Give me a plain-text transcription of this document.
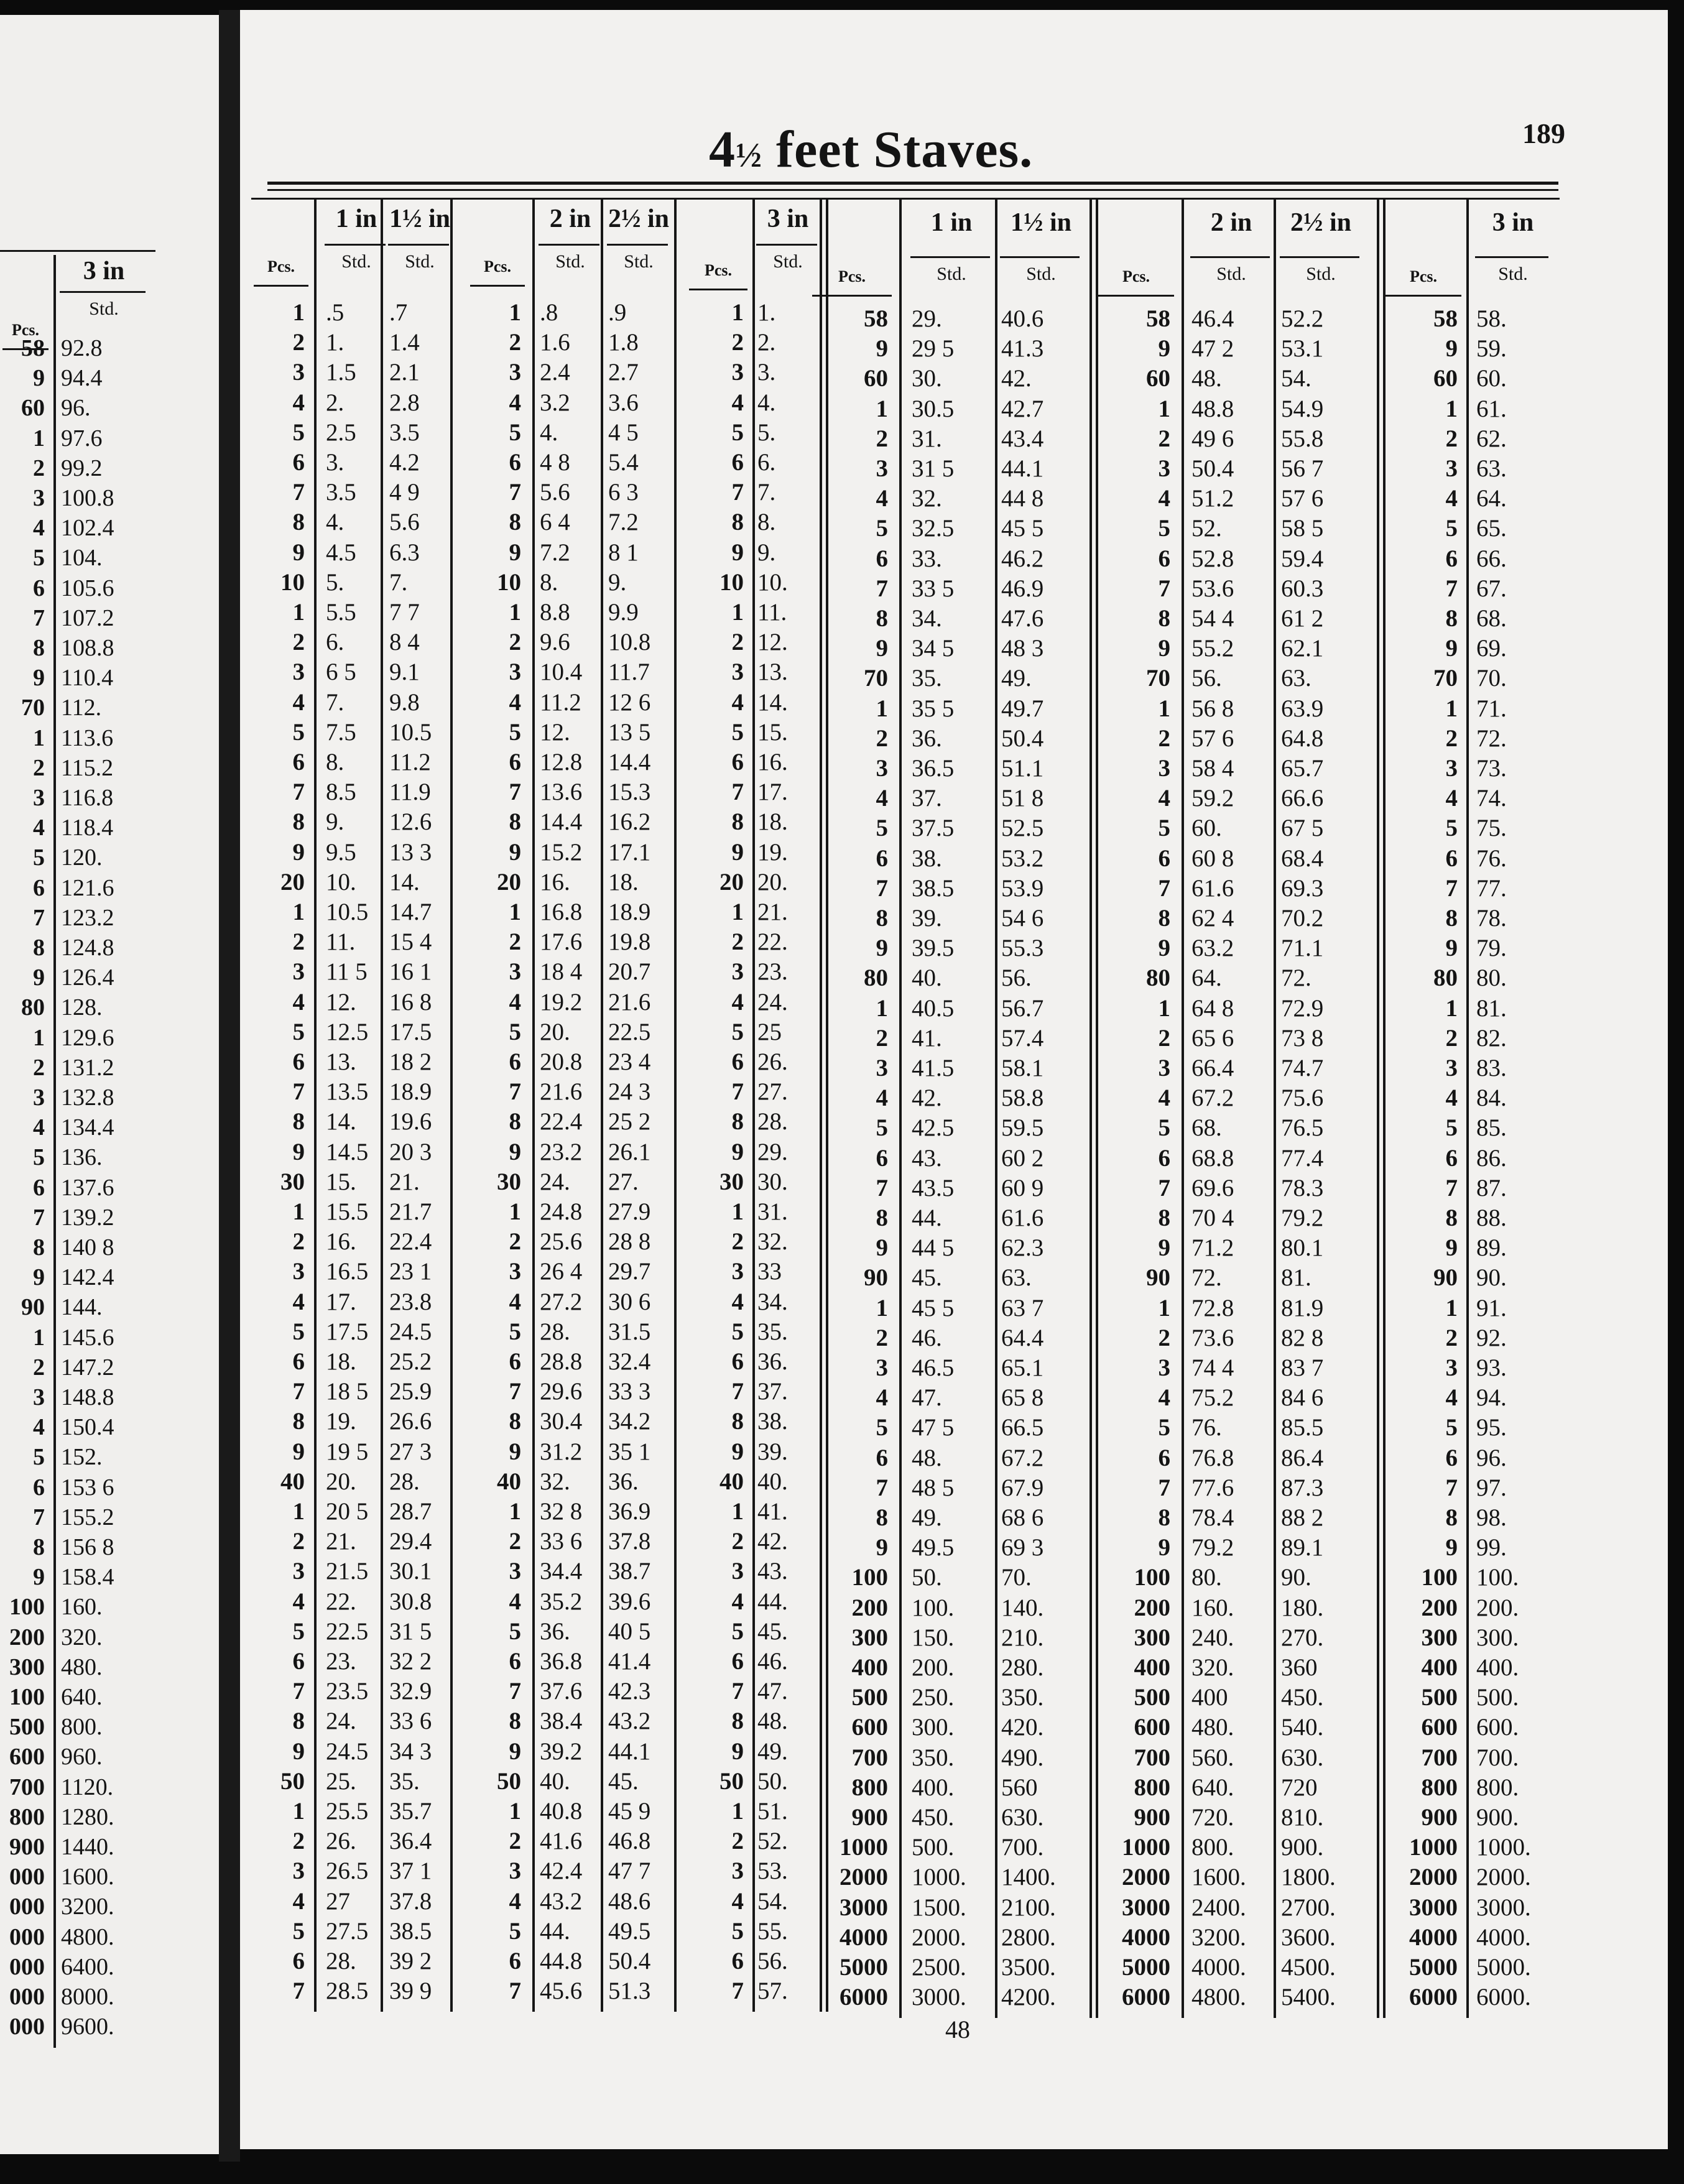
4½ feet Staves.	189
3 in
Std.
Pcs.
58 92.8
9 94.4
60 96.
1 97.6
2 99.2
3 100.8
4 102.4
5 104.
6 105.6
7 107.2
8 108.8
9 110.4
70 112.
1 113.6
2 115.2
3 116.8
4 118.4
5 120.
6 121.6
7 123.2
8 124.8
9 126.4
80 128.
1 129.6
2 131.2
3 132.8
4 134.4
5 136.
6 137.6
7 139.2
8 140 8
9 142.4
90 144.
1 145.6
2 147.2
3 148.8
4 150.4
5 152.
6 153 6
7 155.2
8 156 8
9 158.4
100 160.
200 320.
300 480.
100 640.
500 800.
600 960.
700 1120.
800 1280.
900 1440.
000 1600.
000 3200.
000 4800.
000 6400.
000 8000.
000 9600.
1 in
Std.
1½ in
Std.
Pcs.
1 .5 .7
2 1. 1.4
3 1.5 2.1
4 2. 2.8
5 2.5 3.5
6 3. 4.2
7 3.5 4 9
8 4. 5.6
9 4.5 6.3
10 5. 7.
1 5.5 7 7
2 6. 8 4
3 6 5 9.1
4 7. 9.8
5 7.5 10.5
6 8. 11.2
7 8.5 11.9
8 9. 12.6
9 9.5 13 3
20 10. 14.
1 10.5 14.7
2 11. 15 4
3 11 5 16 1
4 12. 16 8
5 12.5 17.5
6 13. 18 2
7 13.5 18.9
8 14. 19.6
9 14.5 20 3
30 15. 21.
1 15.5 21.7
2 16. 22.4
3 16.5 23 1
4 17. 23.8
5 17.5 24.5
6 18. 25.2
7 18 5 25.9
8 19. 26.6
9 19 5 27 3
40 20. 28.
1 20 5 28.7
2 21. 29.4
3 21.5 30.1
4 22. 30.8
5 22.5 31 5
6 23. 32 2
7 23.5 32.9
8 24. 33 6
9 24.5 34 3
50 25. 35.
1 25.5 35.7
2 26. 36.4
3 26.5 37 1
4 27 37.8
5 27.5 38.5
6 28. 39 2
7 28.5 39 9
2 in
Std.
2½ in
Std.
Pcs.
1 .8 .9
2 1.6 1.8
3 2.4 2.7
4 3.2 3.6
5 4. 4 5
6 4 8 5.4
7 5.6 6 3
8 6 4 7.2
9 7.2 8 1
10 8. 9.
1 8.8 9.9
2 9.6 10.8
3 10.4 11.7
4 11.2 12 6
5 12. 13 5
6 12.8 14.4
7 13.6 15.3
8 14.4 16.2
9 15.2 17.1
20 16. 18.
1 16.8 18.9
2 17.6 19.8
3 18 4 20.7
4 19.2 21.6
5 20. 22.5
6 20.8 23 4
7 21.6 24 3
8 22.4 25 2
9 23.2 26.1
30 24. 27.
1 24.8 27.9
2 25.6 28 8
3 26 4 29.7
4 27.2 30 6
5 28. 31.5
6 28.8 32.4
7 29.6 33 3
8 30.4 34.2
9 31.2 35 1
40 32. 36.
1 32 8 36.9
2 33 6 37.8
3 34.4 38.7
4 35.2 39.6
5 36. 40 5
6 36.8 41.4
7 37.6 42.3
8 38.4 43.2
9 39.2 44.1
50 40. 45.
1 40.8 45 9
2 41.6 46.8
3 42.4 47 7
4 43.2 48.6
5 44. 49.5
6 44.8 50.4
7 45.6 51.3
3 in
Std.
Pcs.
1 1.
2 2.
3 3.
4 4.
5 5.
6 6.
7 7.
8 8.
9 9.
10 10.
1 11.
2 12.
3 13.
4 14.
5 15.
6 16.
7 17.
8 18.
9 19.
20 20.
1 21.
2 22.
3 23.
4 24.
5 25
6 26.
7 27.
8 28.
9 29.
30 30.
1 31.
2 32.
3 33
4 34.
5 35.
6 36.
7 37.
8 38.
9 39.
40 40.
1 41.
2 42.
3 43.
4 44.
5 45.
6 46.
7 47.
8 48.
9 49.
50 50.
1 51.
2 52.
3 53.
4 54.
5 55.
6 56.
7 57.
1 in
Std.
1½ in
Std.
Pcs.
58 29. 40.6
9 29 5 41.3
60 30. 42.
1 30.5 42.7
2 31. 43.4
3 31 5 44.1
4 32. 44 8
5 32.5 45 5
6 33. 46.2
7 33 5 46.9
8 34. 47.6
9 34 5 48 3
70 35. 49.
1 35 5 49.7
2 36. 50.4
3 36.5 51.1
4 37. 51 8
5 37.5 52.5
6 38. 53.2
7 38.5 53.9
8 39. 54 6
9 39.5 55.3
80 40. 56.
1 40.5 56.7
2 41. 57.4
3 41.5 58.1
4 42. 58.8
5 42.5 59.5
6 43. 60 2
7 43.5 60 9
8 44. 61.6
9 44 5 62.3
90 45. 63.
1 45 5 63 7
2 46. 64.4
3 46.5 65.1
4 47. 65 8
5 47 5 66.5
6 48. 67.2
7 48 5 67.9
8 49. 68 6
9 49.5 69 3
100 50. 70.
200 100. 140.
300 150. 210.
400 200. 280.
500 250. 350.
600 300. 420.
700 350. 490.
800 400. 560
900 450. 630.
1000 500. 700.
2000 1000. 1400.
3000 1500. 2100.
4000 2000. 2800.
5000 2500. 3500.
6000 3000. 4200.
2 in
Std.
2½ in
Std.
Pcs.
58 46.4 52.2
9 47 2 53.1
60 48. 54.
1 48.8 54.9
2 49 6 55.8
3 50.4 56 7
4 51.2 57 6
5 52. 58 5
6 52.8 59.4
7 53.6 60.3
8 54 4 61 2
9 55.2 62.1
70 56. 63.
1 56 8 63.9
2 57 6 64.8
3 58 4 65.7
4 59.2 66.6
5 60. 67 5
6 60 8 68.4
7 61.6 69.3
8 62 4 70.2
9 63.2 71.1
80 64. 72.
1 64 8 72.9
2 65 6 73 8
3 66.4 74.7
4 67.2 75.6
5 68. 76.5
6 68.8 77.4
7 69.6 78.3
8 70 4 79.2
9 71.2 80.1
90 72. 81.
1 72.8 81.9
2 73.6 82 8
3 74 4 83 7
4 75.2 84 6
5 76. 85.5
6 76.8 86.4
7 77.6 87.3
8 78.4 88 2
9 79.2 89.1
100 80. 90.
200 160. 180.
300 240. 270.
400 320. 360
500 400 450.
600 480. 540.
700 560. 630.
800 640. 720
900 720. 810.
1000 800. 900.
2000 1600. 1800.
3000 2400. 2700.
4000 3200. 3600.
5000 4000. 4500.
6000 4800. 5400.
3 in
Std.
Pcs.
58 58.
9 59.
60 60.
1 61.
2 62.
3 63.
4 64.
5 65.
6 66.
7 67.
8 68.
9 69.
70 70.
1 71.
2 72.
3 73.
4 74.
5 75.
6 76.
7 77.
8 78.
9 79.
80 80.
1 81.
2 82.
3 83.
4 84.
5 85.
6 86.
7 87.
8 88.
9 89.
90 90.
1 91.
2 92.
3 93.
4 94.
5 95.
6 96.
7 97.
8 98.
9 99.
100 100.
200 200.
300 300.
400 400.
500 500.
600 600.
700 700.
800 800.
900 900.
1000 1000.
2000 2000.
3000 3000.
4000 4000.
5000 5000.
6000 6000.
48
